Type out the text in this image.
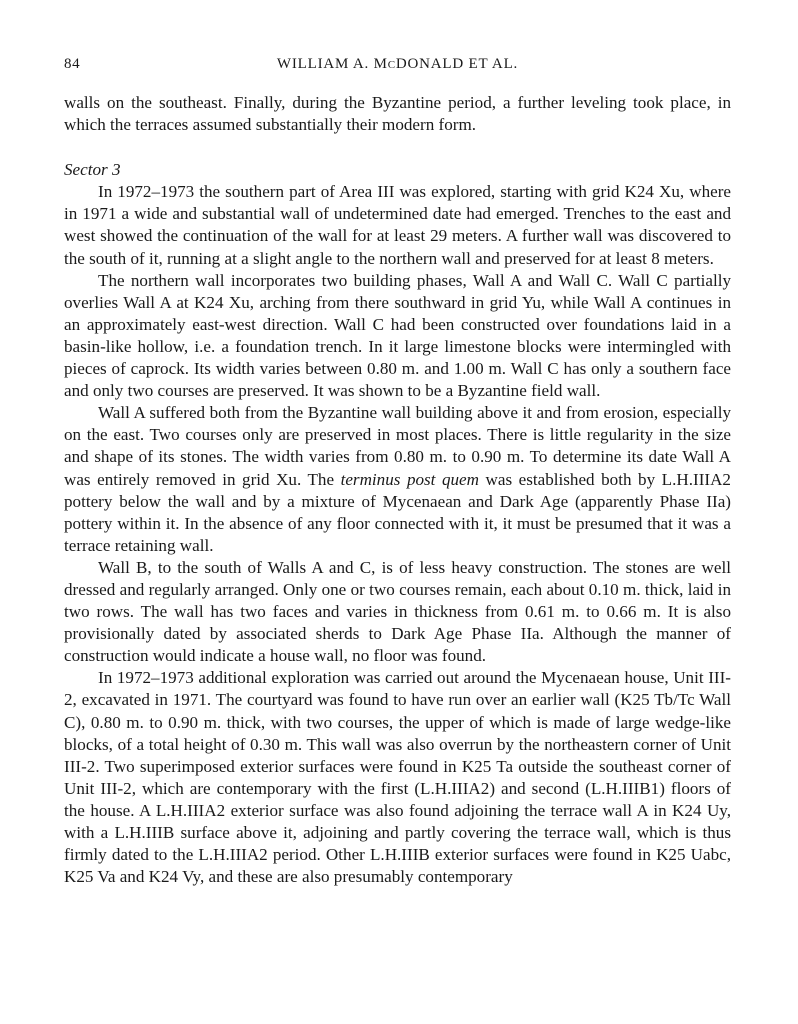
84	WILLIAM A. McDONALD ET AL.

walls on the southeast. Finally, during the Byzantine period, a further leveling took place, in which the terraces assumed substantially their modern form.

Sector 3

In 1972–1973 the southern part of Area III was explored, starting with grid K24 Xu, where in 1971 a wide and substantial wall of undetermined date had emerged. Trenches to the east and west showed the continuation of the wall for at least 29 meters. A further wall was discovered to the south of it, running at a slight angle to the northern wall and preserved for at least 8 meters.

The northern wall incorporates two building phases, Wall A and Wall C. Wall C partially overlies Wall A at K24 Xu, arching from there southward in grid Yu, while Wall A continues in an approximately east-west direction. Wall C had been constructed over foundations laid in a basin-like hollow, i.e. a foundation trench. In it large limestone blocks were intermingled with pieces of caprock. Its width varies between 0.80 m. and 1.00 m. Wall C has only a southern face and only two courses are preserved. It was shown to be a Byzantine field wall.

Wall A suffered both from the Byzantine wall building above it and from erosion, especially on the east. Two courses only are preserved in most places. There is little regularity in the size and shape of its stones. The width varies from 0.80 m. to 0.90 m. To determine its date Wall A was entirely removed in grid Xu. The terminus post quem was established both by L.H.IIIA2 pottery below the wall and by a mixture of Mycenaean and Dark Age (apparently Phase IIa) pottery within it. In the absence of any floor connected with it, it must be presumed that it was a terrace retaining wall.

Wall B, to the south of Walls A and C, is of less heavy construction. The stones are well dressed and regularly arranged. Only one or two courses remain, each about 0.10 m. thick, laid in two rows. The wall has two faces and varies in thickness from 0.61 m. to 0.66 m. It is also provisionally dated by associated sherds to Dark Age Phase IIa. Although the manner of construction would indicate a house wall, no floor was found.

In 1972–1973 additional exploration was carried out around the Mycenaean house, Unit III-2, excavated in 1971. The courtyard was found to have run over an earlier wall (K25 Tb/Tc Wall C), 0.80 m. to 0.90 m. thick, with two courses, the upper of which is made of large wedge-like blocks, of a total height of 0.30 m. This wall was also overrun by the northeastern corner of Unit III-2. Two superimposed exterior surfaces were found in K25 Ta outside the southeast corner of Unit III-2, which are contemporary with the first (L.H.IIIA2) and second (L.H.IIIB1) floors of the house. A L.H.IIIA2 exterior surface was also found adjoining the terrace wall A in K24 Uy, with a L.H.IIIB surface above it, adjoining and partly covering the terrace wall, which is thus firmly dated to the L.H.IIIA2 period. Other L.H.IIIB exterior surfaces were found in K25 Uabc, K25 Va and K24 Vy, and these are also presumably contemporary
